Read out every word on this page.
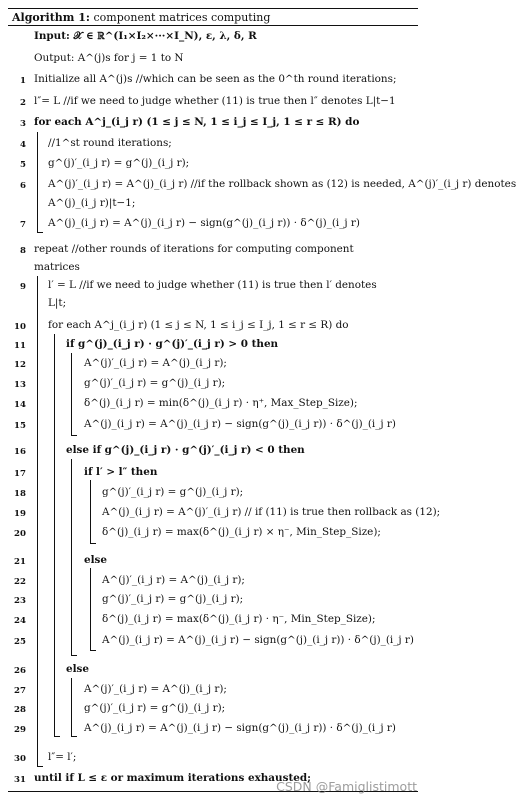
Algorithm 1: component matrices computing
Input: 𝒳 ∈ ℝ^(I₁×I₂×···×I_N), ε, λ, δ, R
Output: A^(j)s for j = 1 to N
1 Initialize all A^(j)s //which can be seen as the 0^th round iterations;
2 l″= L //if we need to judge whether (11) is true then l″ denotes L|t−1
3 for each A^j_(i_j r) (1 ≤ j ≤ N, 1 ≤ i_j ≤ I_j, 1 ≤ r ≤ R) do
4 //1^st round iterations;
5 g^(j)′_(i_j r) = g^(j)_(i_j r);
6 A^(j)′_(i_j r) = A^(j)_(i_j r) //if the rollback shown as (12) is needed, A^(j)′_(i_j r) denotes
A^(j)_(i_j r)|t−1;
7 A^(j)_(i_j r) = A^(j)_(i_j r) − sign(g^(j)_(i_j r)) · δ^(j)_(i_j r)
8 repeat //other rounds of iterations for computing component
matrices
9 l′ = L //if we need to judge whether (11) is true then l′ denotes
L|t;
10 for each A^j_(i_j r) (1 ≤ j ≤ N, 1 ≤ i_j ≤ I_j, 1 ≤ r ≤ R) do
11	if g^(j)_(i_j r) · g^(j)′_(i_j r) > 0 then
12	A^(j)′_(i_j r) = A^(j)_(i_j r);
13	g^(j)′_(i_j r) = g^(j)_(i_j r);
14	δ^(j)_(i_j r) = min(δ^(j)_(i_j r) · η⁺, Max_Step_Size);
15	A^(j)_(i_j r) = A^(j)_(i_j r) − sign(g^(j)_(i_j r)) · δ^(j)_(i_j r)
16	else if g^(j)_(i_j r) · g^(j)′_(i_j r) < 0 then
17	if l′ > l″ then
18	g^(j)′_(i_j r) = g^(j)_(i_j r);
19	A^(j)_(i_j r) = A^(j)′_(i_j r) // if (11) is true then rollback as (12);
20	δ^(j)_(i_j r) = max(δ^(j)_(i_j r) × η⁻, Min_Step_Size);
21	else
22	A^(j)′_(i_j r) = A^(j)_(i_j r);
23	g^(j)′_(i_j r) = g^(j)_(i_j r);
24	δ^(j)_(i_j r) = max(δ^(j)_(i_j r) · η⁻, Min_Step_Size);
25	A^(j)_(i_j r) = A^(j)_(i_j r) − sign(g^(j)_(i_j r)) · δ^(j)_(i_j r)
26	else
27	A^(j)′_(i_j r) = A^(j)_(i_j r);
28	g^(j)′_(i_j r) = g^(j)_(i_j r);
29	A^(j)_(i_j r) = A^(j)_(i_j r) − sign(g^(j)_(i_j r)) · δ^(j)_(i_j r)
30 l″= l′;
31 until if L ≤ ε or maximum iterations exhausted;
CSDN @Famiglistimott
